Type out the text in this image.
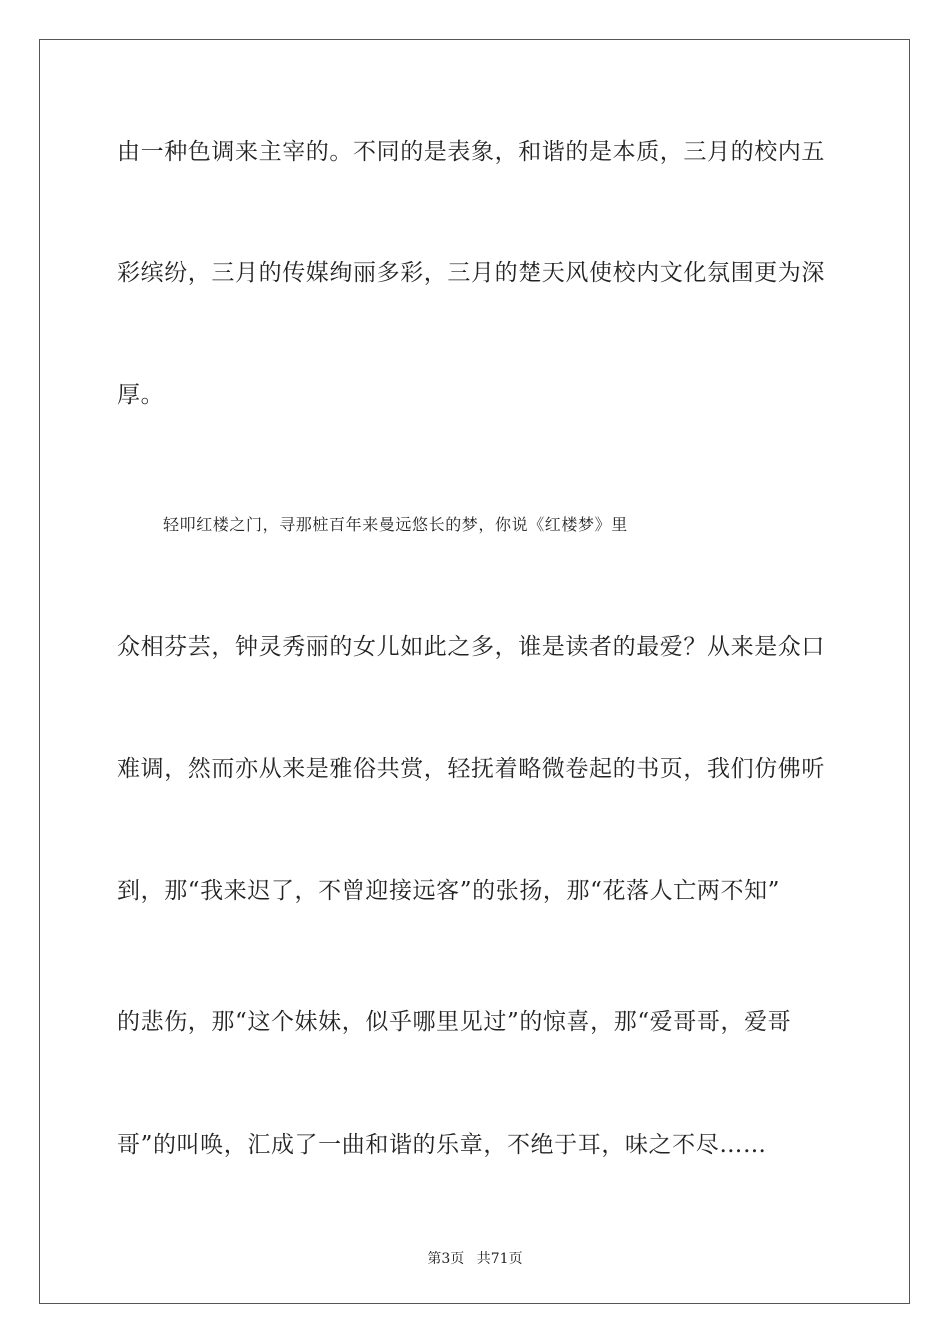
由一种色调来主宰的。不同的是表象，和谐的是本质，三月的校内五
彩缤纷，三月的传媒绚丽多彩，三月的楚天风使校内文化氛围更为深
厚。
轻叩红楼之门，寻那桩百年来曼远悠长的梦，你说《红楼梦》里
众相芬芸，钟灵秀丽的女儿如此之多，谁是读者的最爱？从来是众口
难调，然而亦从来是雅俗共赏，轻抚着略微卷起的书页，我们仿佛听
到，那“我来迟了，不曾迎接远客”的张扬，那“花落人亡两不知”
的悲伤，那“这个妹妹，似乎哪里见过”的惊喜，那“爱哥哥，爱哥
哥”的叫唤，汇成了一曲和谐的乐章，不绝于耳，味之不尽……
第3页 共71页
